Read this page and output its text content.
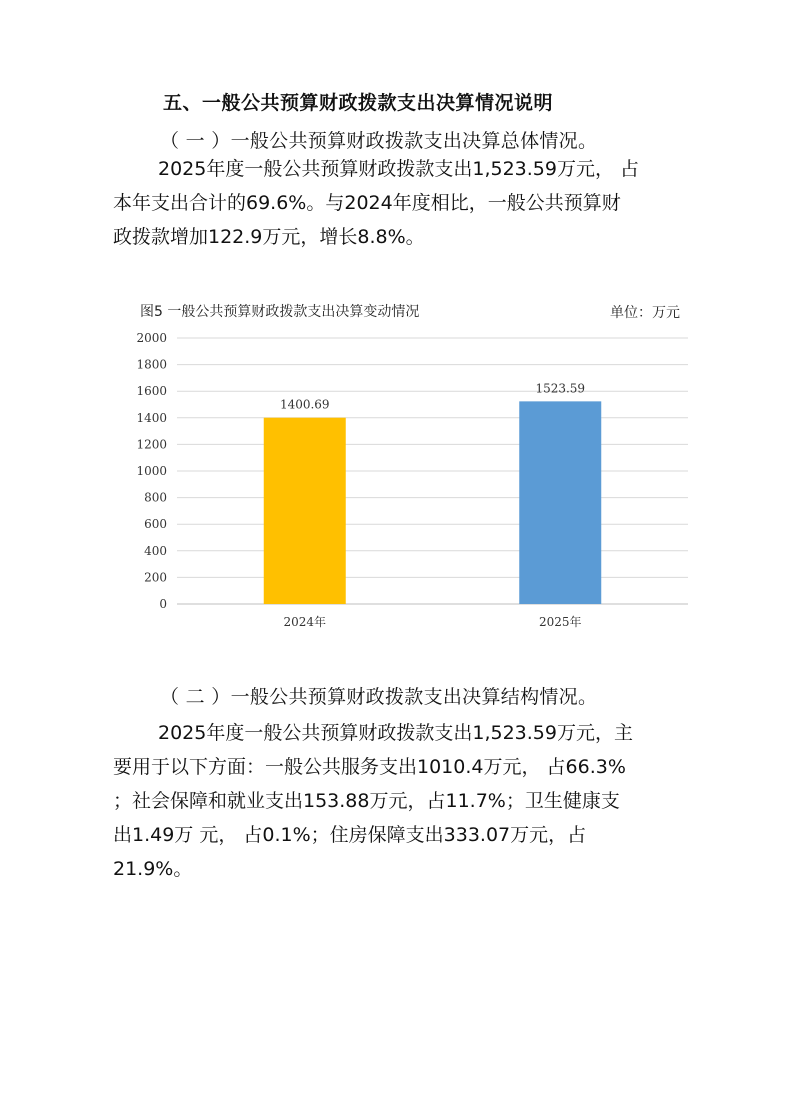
五、一般公共预算财政拨款支出决算情况说明
（ 一 ）一般公共预算财政拨款支出决算总体情况。
2025年度一般公共预算财政拨款支出1,523.59万元， 占
本年支出合计的69.6%。与2024年度相比，一般公共预算财
政拨款增加122.9万元，增长8.8%。
图5 一般公共预算财政拨款支出决算变动情况	单位：万元
0
200
400
600
800
1000
1200
1400
1600
1800
2000
1400.69
1523.59
2024年	2025年
（ 二 ）一般公共预算财政拨款支出决算结构情况。
2025年度一般公共预算财政拨款支出1,523.59万元，主
要用于以下方面：一般公共服务支出1010.4万元， 占66.3%
；社会保障和就业支出153.88万元，占11.7%；卫生健康支
出1.49万 元， 占0.1%；住房保障支出333.07万元，占
21.9%。
